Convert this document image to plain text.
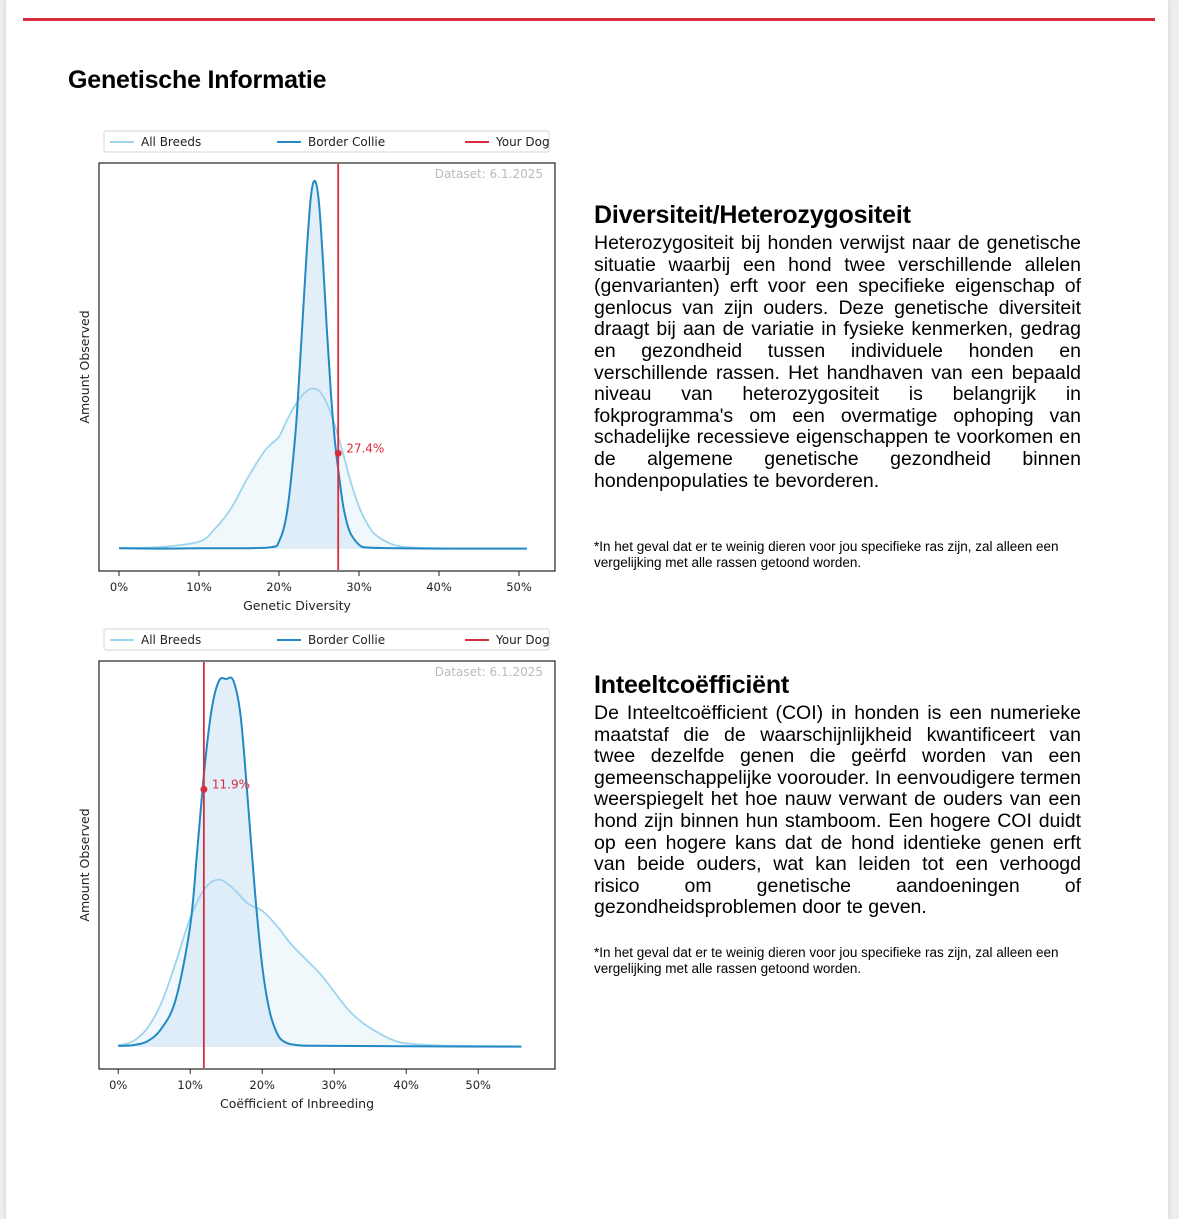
Genetische Informatie
All Breeds	Border Collie	Your Dog
Dataset: 6.1.2025
27.4%
0%	10%	20%	30%	40%	50%
Genetic Diversity
Amount Observed
Diversiteit/Heterozygositeit
Heterozygositeit bij honden verwijst naar de genetische situatie waarbij een hond twee verschillende allelen (genvarianten) erft voor een specifieke eigenschap of genlocus van zijn ouders. Deze genetische diversiteit draagt bij aan de variatie in fysieke kenmerken, gedrag en gezondheid tussen individuele honden en verschillende rassen. Het handhaven van een bepaald niveau van heterozygositeit is belangrijk in fokprogramma's om een overmatige ophoping van schadelijke recessieve eigenschappen te voorkomen en de algemene genetische gezondheid binnen hondenpopulaties te bevorderen.
*In het geval dat er te weinig dieren voor jou specifieke ras zijn, zal alleen een vergelijking met alle rassen getoond worden.
All Breeds	Border Collie	Your Dog
Dataset: 6.1.2025
11.9%
0%	10%	20%	30%	40%	50%
Coëfficient of Inbreeding
Amount Observed
Inteeltcoëfficiënt
De Inteeltcoëfficient (COI) in honden is een numerieke maatstaf die de waarschijnlijkheid kwantificeert van twee dezelfde genen die geërfd worden van een gemeenschappelijke voorouder. In eenvoudigere termen weerspiegelt het hoe nauw verwant de ouders van een hond zijn binnen hun stamboom. Een hogere COI duidt op een hogere kans dat de hond identieke genen erft van beide ouders, wat kan leiden tot een verhoogd risico om genetische aandoeningen of gezondheidsproblemen door te geven.
*In het geval dat er te weinig dieren voor jou specifieke ras zijn, zal alleen een vergelijking met alle rassen getoond worden.
